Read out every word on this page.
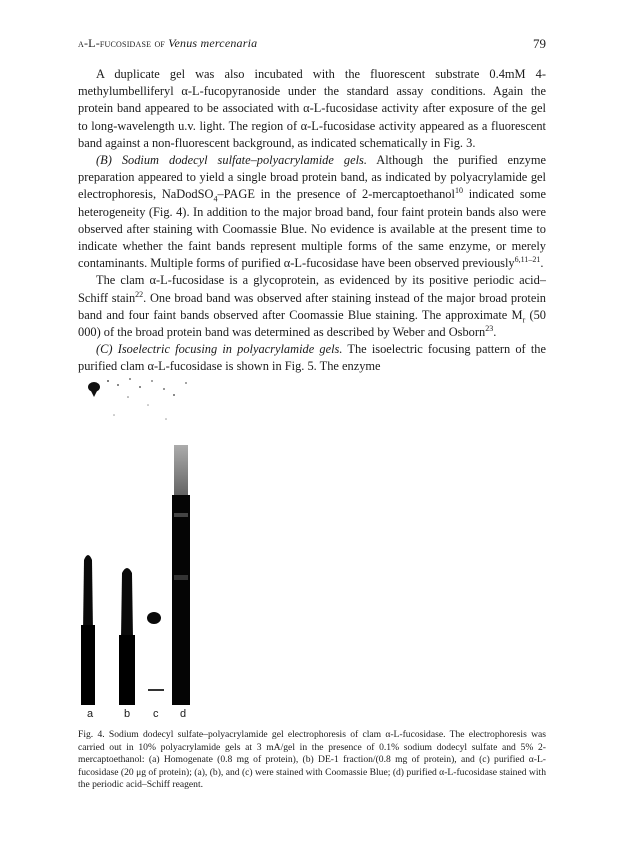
α-L-fucosidase of Venus mercenaria	79

A duplicate gel was also incubated with the fluorescent substrate 0.4mM 4-methylumbelliferyl α-L-fucopyranoside under the standard assay conditions. Again the protein band appeared to be associated with α-L-fucosidase activity after exposure of the gel to long-wavelength u.v. light. The region of α-L-fucosidase activity appeared as a fluorescent band against a non-fluorescent background, as indicated schematically in Fig. 3.

(B) Sodium dodecyl sulfate–polyacrylamide gels. Although the purified enzyme preparation appeared to yield a single broad protein band, as indicated by polyacrylamide gel electrophoresis, NaDodSO$_4$–PAGE in the presence of 2-mercaptoethanol$^{10}$ indicated some heterogeneity (Fig. 4). In addition to the major broad band, four faint protein bands also were observed after staining with Coomassie Blue. No evidence is available at the present time to indicate whether the faint bands represent multiple forms of the same enzyme, or merely contaminants. Multiple forms of purified α-L-fucosidase have been observed previously$^{6,11-21}$.

The clam α-L-fucosidase is a glycoprotein, as evidenced by its positive periodic acid–Schiff stain$^{22}$. One broad band was observed after staining instead of the major broad protein band and four faint bands observed after Coomassie Blue staining. The approximate $M_r$ (50 000) of the broad protein band was determined as described by Weber and Osborn$^{23}$.

(C) Isoelectric focusing in polyacrylamide gels. The isoelectric focusing pattern of the purified clam α-L-fucosidase is shown in Fig. 5. The enzyme

a	b c d
Fig. 4. Sodium dodecyl sulfate–polyacrylamide gel electrophoresis of clam α-L-fucosidase. The electrophoresis was carried out in 10% polyacrylamide gels at 3 mA/gel in the presence of 0.1% sodium dodecyl sulfate and 5% 2-mercaptoethanol: (a) Homogenate (0.8 mg of protein), (b) DE-1 fraction/(0.8 mg of protein), and (c) purified α-L-fucosidase (20 μg of protein); (a), (b), and (c) were stained with Coomassie Blue; (d) purified α-L-fucosidase stained with the periodic acid–Schiff reagent.
